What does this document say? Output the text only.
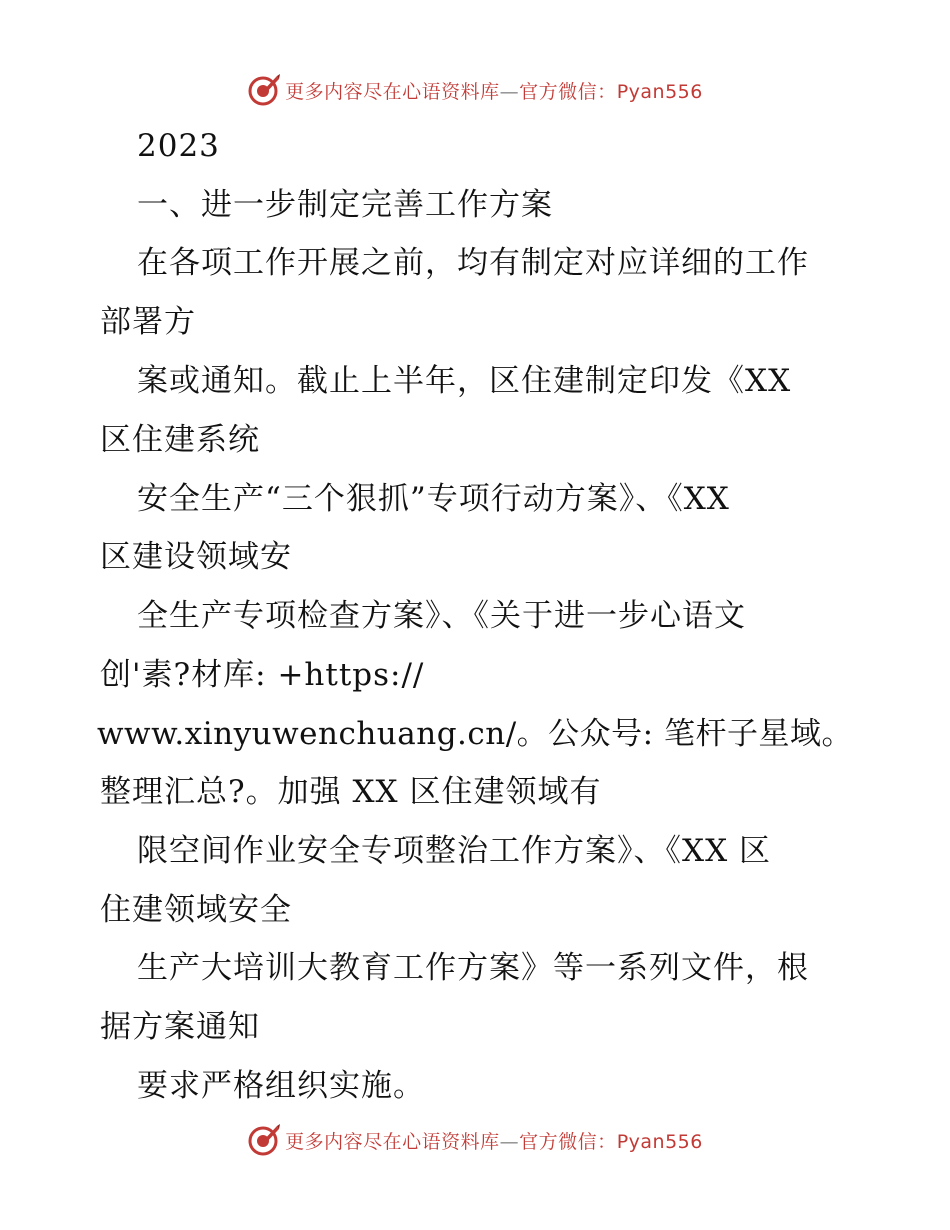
更多内容尽在心语资料库—官方微信：Pyan556
2023
一、进一步制定完善工作方案
在各项工作开展之前，均有制定对应详细的工作
部署方
案或通知。截止上半年，区住建制定印发《XX
区住建系统
安全生产“三个狠抓”专项行动方案》、《XX
区建设领域安
全生产专项检查方案》、《关于进一步心语文
创'素?材库: +https://
www.xinyuwenchuang.cn/。公众号: 笔杆子星域。
整理汇总?。加强 XX 区住建领域有
限空间作业安全专项整治工作方案》、《XX 区
住建领域安全
生产大培训大教育工作方案》等一系列文件，根
据方案通知
要求严格组织实施。
更多内容尽在心语资料库—官方微信：Pyan556
